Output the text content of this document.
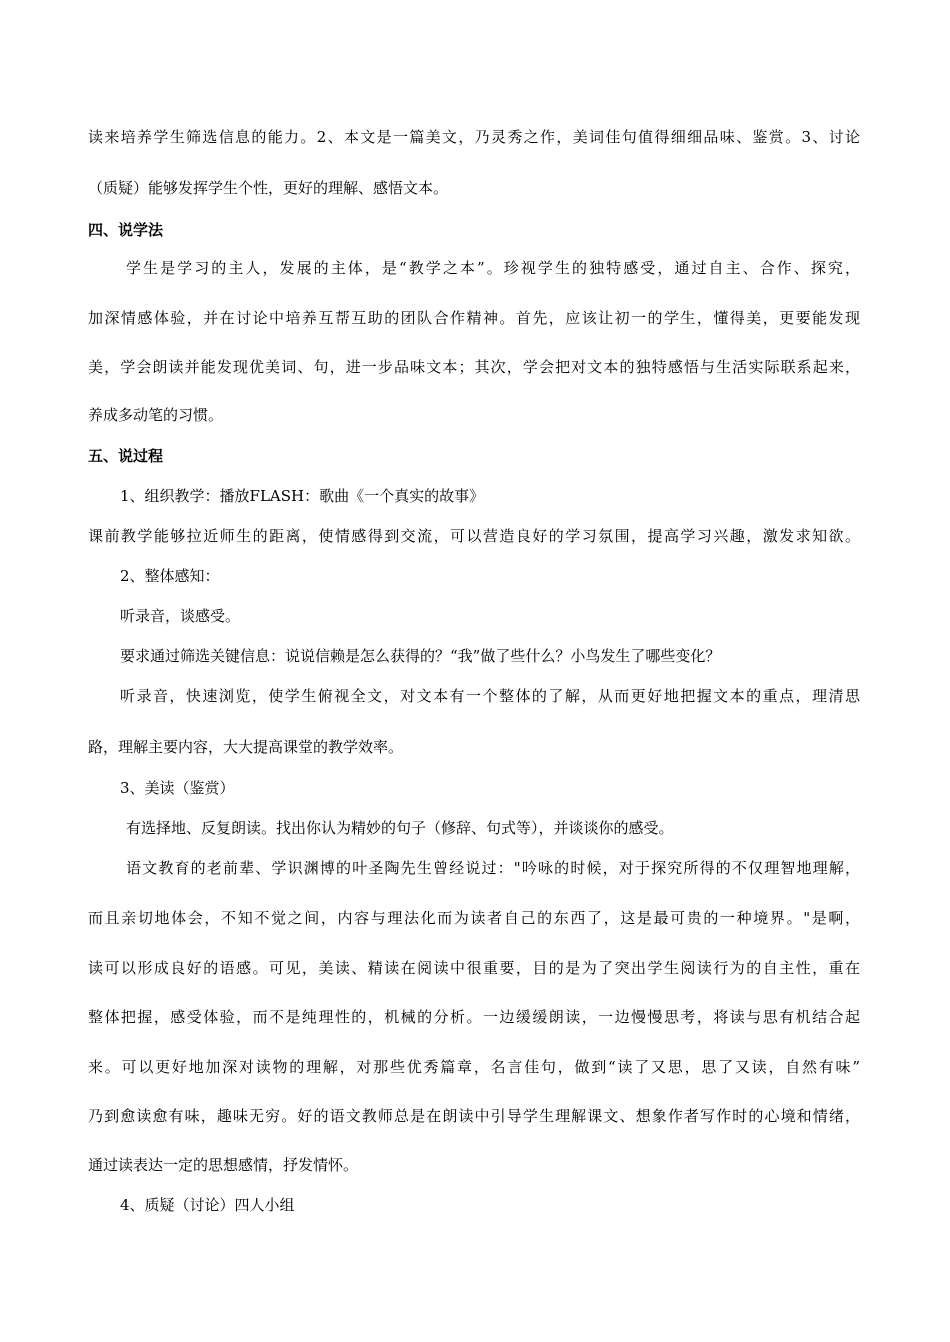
读来培养学生筛选信息的能力。2、本文是一篇美文，乃灵秀之作，美词佳句值得细细品味、鉴赏。3、讨论
（质疑）能够发挥学生个性，更好的理解、感悟文本。
四、说学法
学生是学习的主人，发展的主体，是“教学之本”。珍视学生的独特感受，通过自主、合作、探究，
加深情感体验，并在讨论中培养互帮互助的团队合作精神。首先，应该让初一的学生，懂得美，更要能发现
美，学会朗读并能发现优美词、句，进一步品味文本；其次，学会把对文本的独特感悟与生活实际联系起来，
养成多动笔的习惯。
五、说过程
1、组织教学：播放FLASH：歌曲《一个真实的故事》
课前教学能够拉近师生的距离，使情感得到交流，可以营造良好的学习氛围，提高学习兴趣，激发求知欲。
2、整体感知：
听录音，谈感受。
要求通过筛选关键信息：说说信赖是怎么获得的？“我”做了些什么？小鸟发生了哪些变化？
听录音，快速浏览，使学生俯视全文，对文本有一个整体的了解，从而更好地把握文本的重点，理清思
路，理解主要内容，大大提高课堂的教学效率。
3、美读（鉴赏）
有选择地、反复朗读。找出你认为精妙的句子（修辞、句式等），并谈谈你的感受。
语文教育的老前辈、学识渊博的叶圣陶先生曾经说过："吟咏的时候，对于探究所得的不仅理智地理解，
而且亲切地体会，不知不觉之间，内容与理法化而为读者自己的东西了，这是最可贵的一种境界。"是啊，
读可以形成良好的语感。可见，美读、精读在阅读中很重要，目的是为了突出学生阅读行为的自主性，重在
整体把握，感受体验，而不是纯理性的，机械的分析。一边缓缓朗读，一边慢慢思考，将读与思有机结合起
来。可以更好地加深对读物的理解，对那些优秀篇章，名言佳句，做到“读了又思，思了又读，自然有味”
乃到愈读愈有味，趣味无穷。好的语文教师总是在朗读中引导学生理解课文、想象作者写作时的心境和情绪，
通过读表达一定的思想感情，抒发情怀。
4、质疑（讨论）四人小组
